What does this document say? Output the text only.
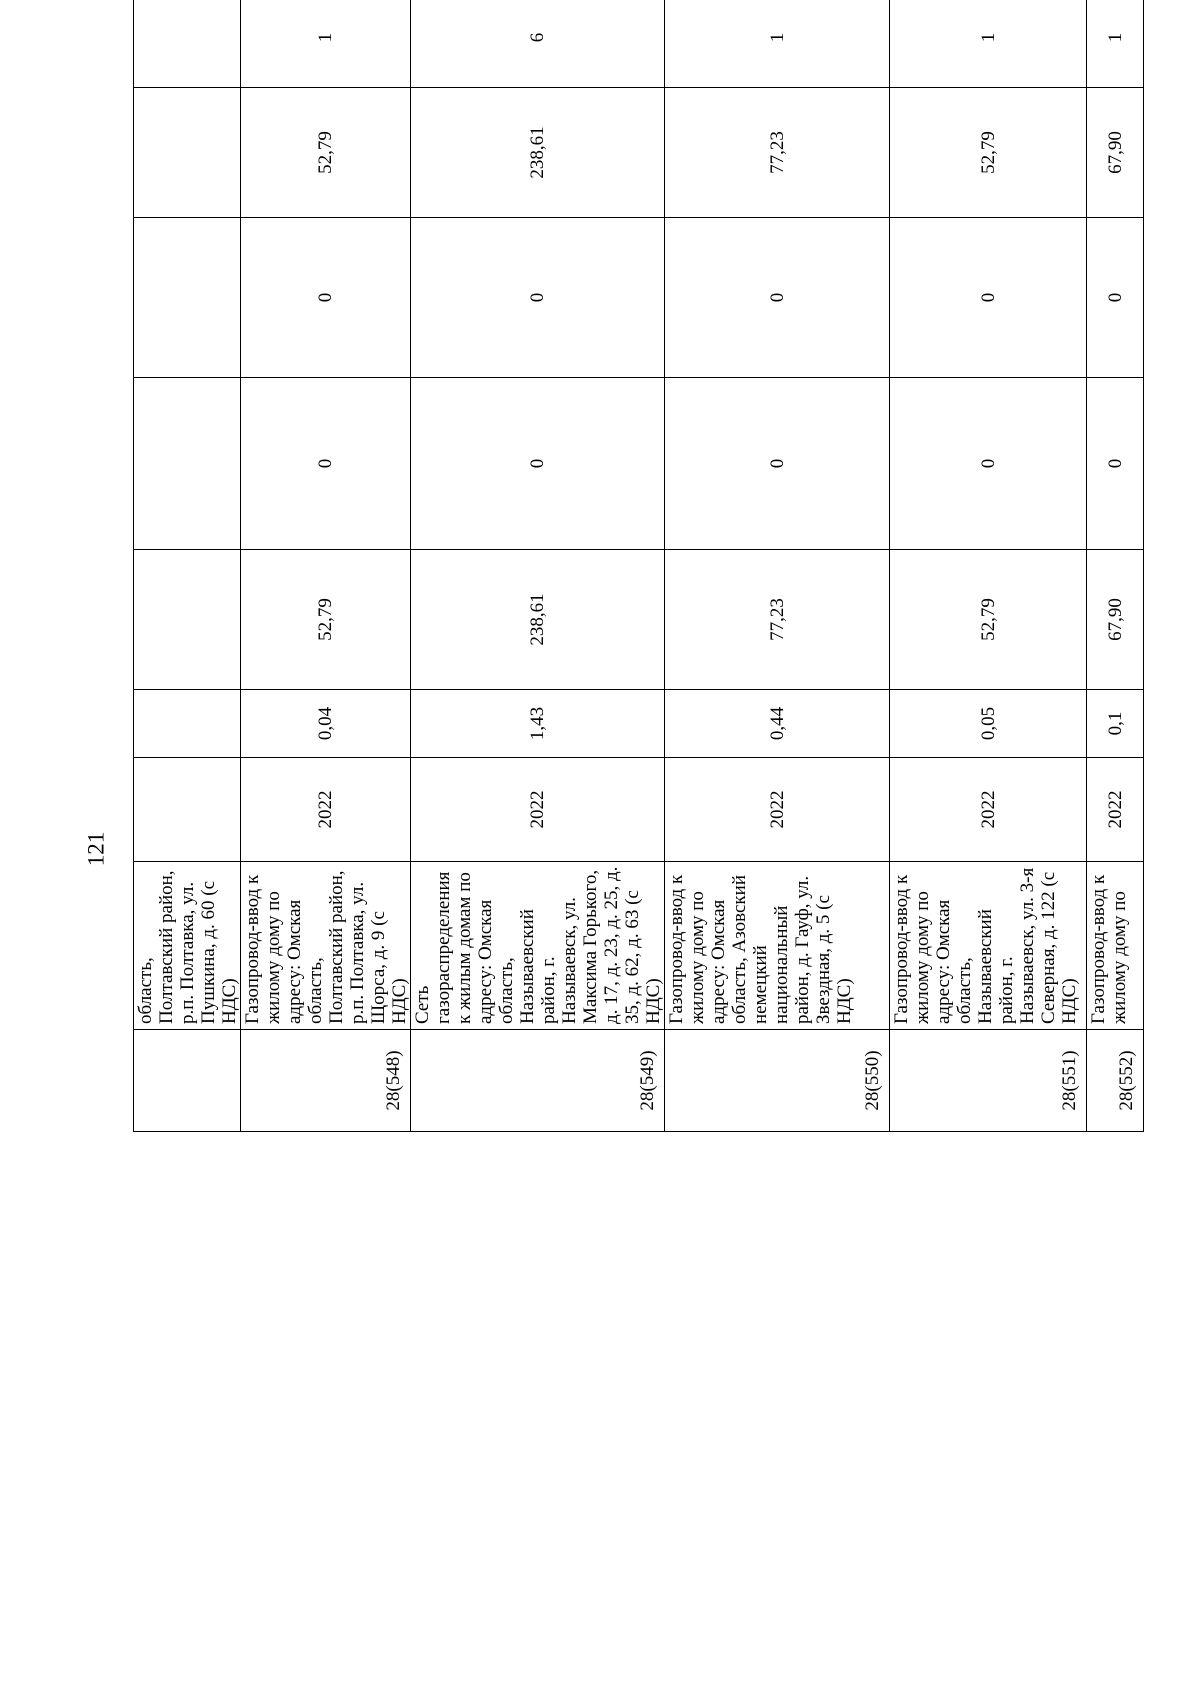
121
	область, Полтавский район, р.п. Полтавка, ул. Пушкина, д. 60 (с НДС)									
28(548)	Газопровод-ввод к жилому дому по адресу: Омская область, Полтавский район, р.п. Полтавка, ул. Щорса, д. 9 (с НДС)	2022	0,04	52,79	0	0	52,79	1		
28(549)	Сеть газораспределения к жилым домам по адресу: Омская область, Называевский район, г. Называевск, ул. Максима Горького, д. 17, д. 23, д. 25, д. 35, д. 62, д. 63 (с НДС)	2022	1,43	238,61	0	0	238,61	6		
28(550)	Газопровод-ввод к жилому дому по адресу: Омская область, Азовский немецкий национальный район, д. Гауф, ул. Звездная, д. 5 (с НДС)	2022	0,44	77,23	0	0	77,23	1		
28(551)	Газопровод-ввод к жилому дому по адресу: Омская область, Называевский район, г. Называевск, ул. 3-я Северная, д. 122 (с НДС)	2022	0,05	52,79	0	0	52,79	1		
28(552)	Газопровод-ввод к жилому дому по	2022	0,1	67,90	0	0	67,90	1		
